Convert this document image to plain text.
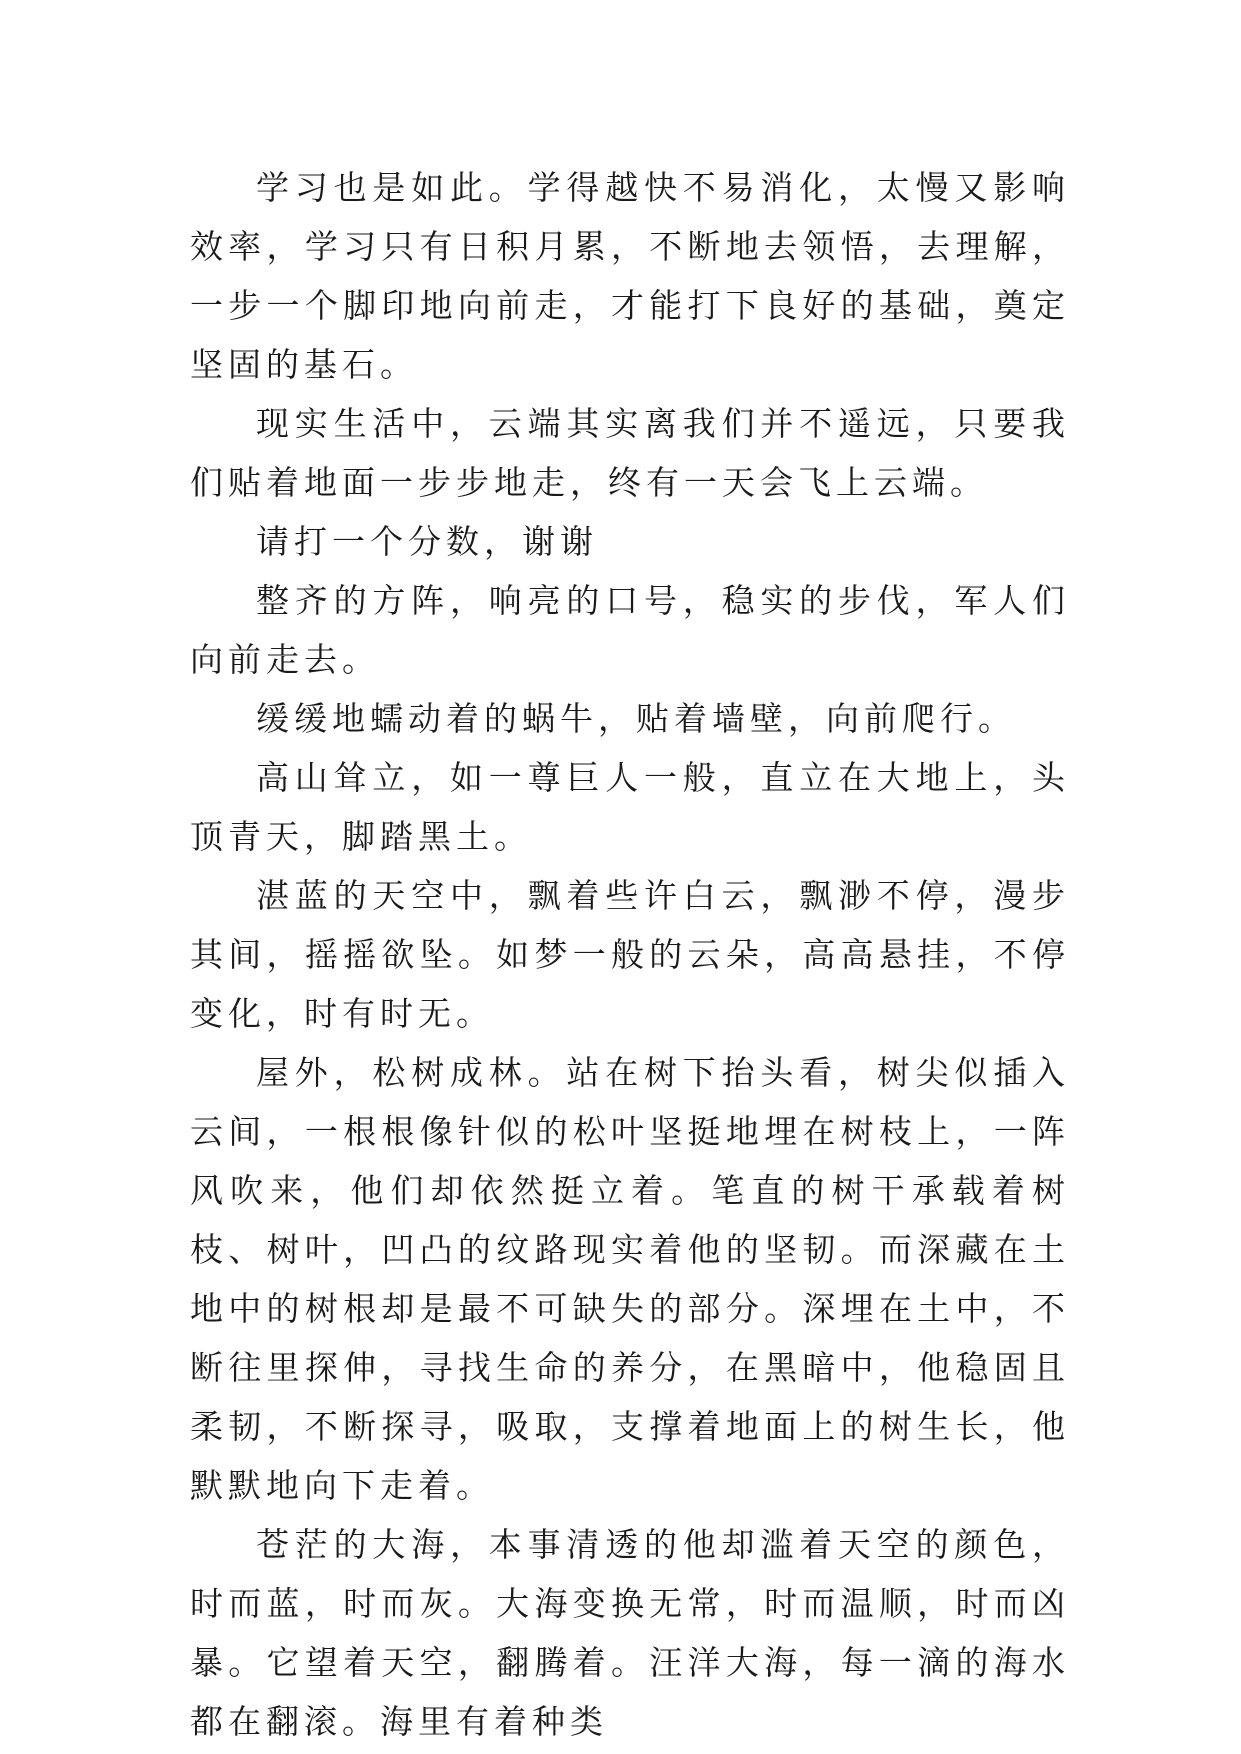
学习也是如此。学得越快不易消化，太慢又影响效率，学习只有日积月累，不断地去领悟，去理解，一步一个脚印地向前走，才能打下良好的基础，奠定坚固的基石。

现实生活中，云端其实离我们并不遥远，只要我们贴着地面一步步地走，终有一天会飞上云端。

请打一个分数，谢谢

整齐的方阵，响亮的口号，稳实的步伐，军人们向前走去。

缓缓地蠕动着的蜗牛，贴着墙壁，向前爬行。

高山耸立，如一尊巨人一般，直立在大地上，头顶青天，脚踏黑土。

湛蓝的天空中，飘着些许白云，飘渺不停，漫步其间，摇摇欲坠。如梦一般的云朵，高高悬挂，不停变化，时有时无。

屋外，松树成林。站在树下抬头看，树尖似插入云间，一根根像针似的松叶坚挺地埋在树枝上，一阵风吹来，他们却依然挺立着。笔直的树干承载着树枝、树叶，凹凸的纹路现实着他的坚韧。而深藏在土地中的树根却是最不可缺失的部分。深埋在土中，不断往里探伸，寻找生命的养分，在黑暗中，他稳固且柔韧，不断探寻，吸取，支撑着地面上的树生长，他默默地向下走着。

苍茫的大海，本事清透的他却滥着天空的颜色，时而蓝，时而灰。大海变换无常，时而温顺，时而凶暴。它望着天空，翻腾着。汪洋大海，每一滴的海水都在翻滚。海里有着种类
